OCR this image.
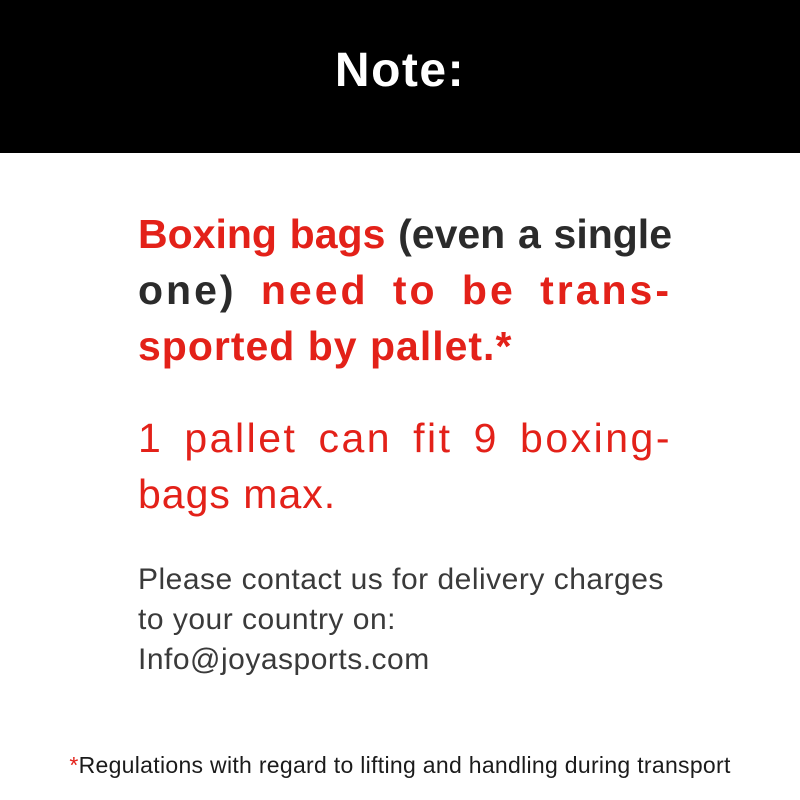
Note:
Boxing bags (even a single
one) need to be trans-
sported by pallet.*
1 pallet can fit 9 boxing-
bags max.
Please contact us for delivery charges
to your country on:
Info@joyasports.com
*Regulations with regard to lifting and handling during transport
